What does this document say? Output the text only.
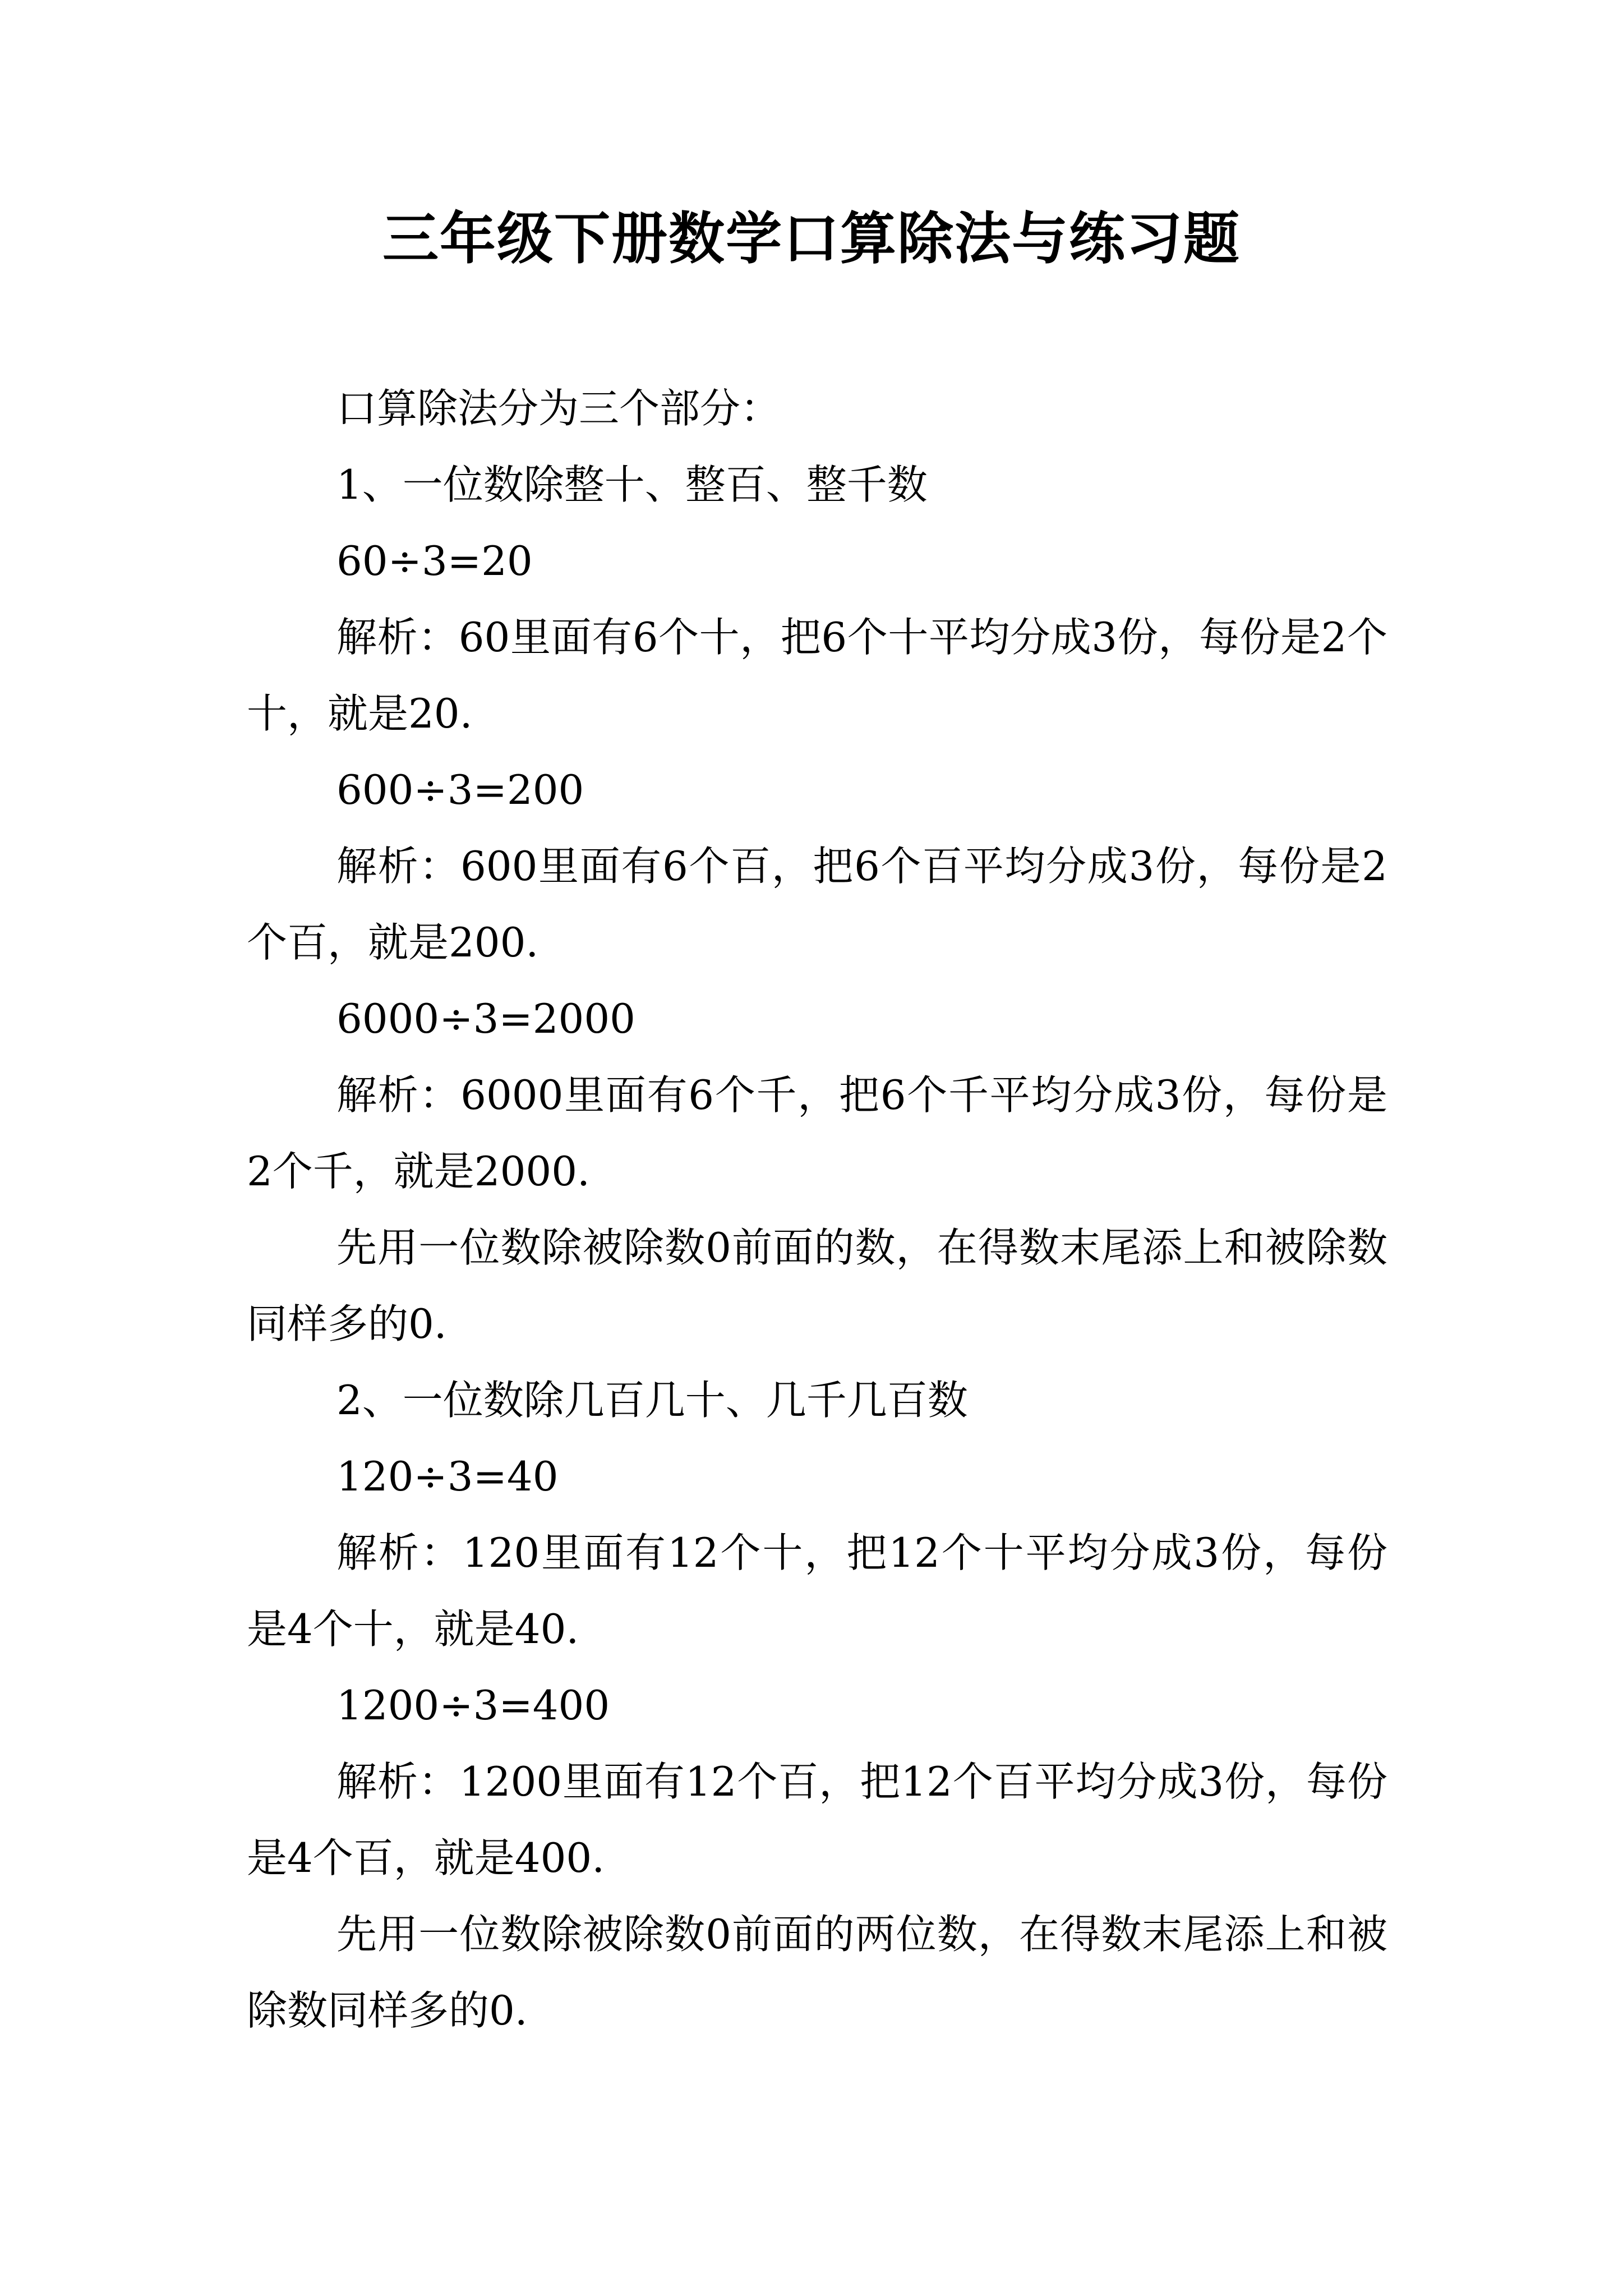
三年级下册数学口算除法与练习题

口算除法分为三个部分：

1、一位数除整十、整百、整千数

60÷3=20

解析：60里面有6个十，把6个十平均分成3份，每份是2个十，就是20.

600÷3=200

解析：600里面有6个百，把6个百平均分成3份，每份是2个百，就是200.

6000÷3=2000

解析：6000里面有6个千，把6个千平均分成3份，每份是2个千，就是2000.

先用一位数除被除数0前面的数，在得数末尾添上和被除数同样多的0.

2、一位数除几百几十、几千几百数

120÷3=40

解析：120里面有12个十，把12个十平均分成3份，每份是4个十，就是40.

1200÷3=400

解析：1200里面有12个百，把12个百平均分成3份，每份是4个百，就是400.

先用一位数除被除数0前面的两位数，在得数末尾添上和被除数同样多的0.
